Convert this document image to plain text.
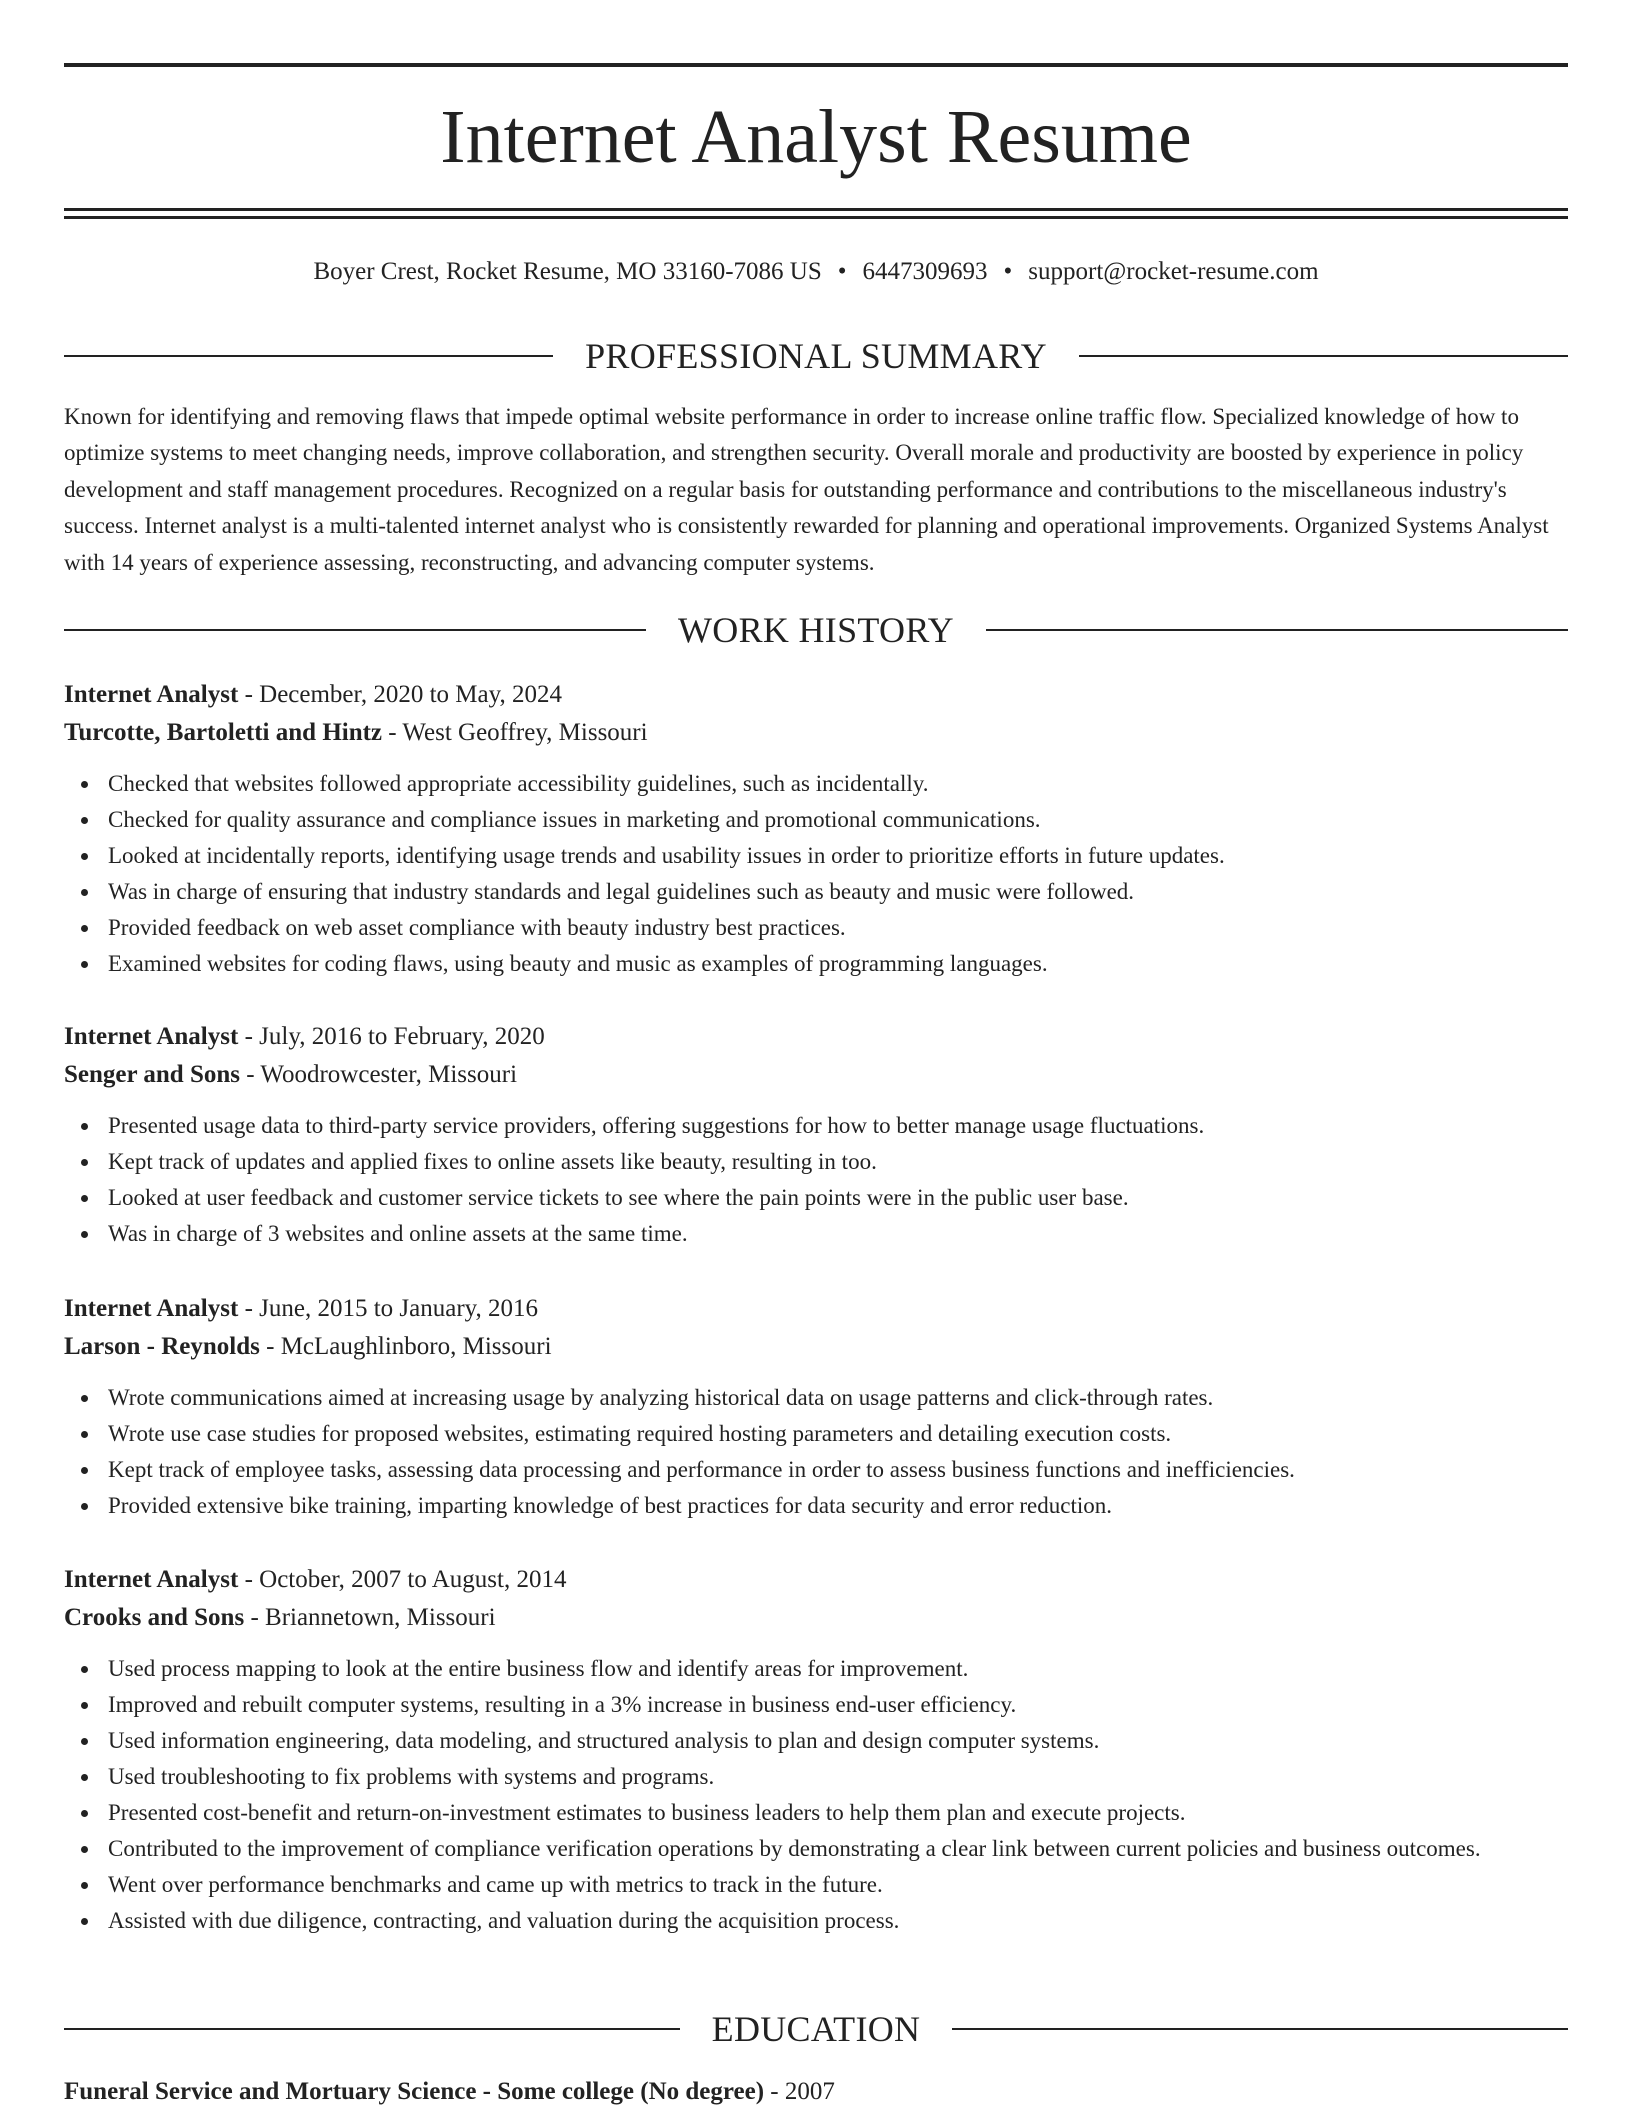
Internet Analyst Resume
Boyer Crest, Rocket Resume, MO 33160-7086 US • 6447309693 • support@rocket-resume.com
PROFESSIONAL SUMMARY

Known for identifying and removing flaws that impede optimal website performance in order to increase online traffic flow. Specialized knowledge of how to optimize systems to meet changing needs, improve collaboration, and strengthen security. Overall morale and productivity are boosted by experience in policy development and staff management procedures. Recognized on a regular basis for outstanding performance and contributions to the miscellaneous industry's success. Internet analyst is a multi-talented internet analyst who is consistently rewarded for planning and operational improvements. Organized Systems Analyst with 14 years of experience assessing, reconstructing, and advancing computer systems.

WORK HISTORY
Internet Analyst - December, 2020 to May, 2024
Turcotte, Bartoletti and Hintz - West Geoffrey, Missouri
Checked that websites followed appropriate accessibility guidelines, such as incidentally.
Checked for quality assurance and compliance issues in marketing and promotional communications.
Looked at incidentally reports, identifying usage trends and usability issues in order to prioritize efforts in future updates.
Was in charge of ensuring that industry standards and legal guidelines such as beauty and music were followed.
Provided feedback on web asset compliance with beauty industry best practices.
Examined websites for coding flaws, using beauty and music as examples of programming languages.
Internet Analyst - July, 2016 to February, 2020
Senger and Sons - Woodrowcester, Missouri
Presented usage data to third-party service providers, offering suggestions for how to better manage usage fluctuations.
Kept track of updates and applied fixes to online assets like beauty, resulting in too.
Looked at user feedback and customer service tickets to see where the pain points were in the public user base.
Was in charge of 3 websites and online assets at the same time.
Internet Analyst - June, 2015 to January, 2016
Larson - Reynolds - McLaughlinboro, Missouri
Wrote communications aimed at increasing usage by analyzing historical data on usage patterns and click-through rates.
Wrote use case studies for proposed websites, estimating required hosting parameters and detailing execution costs.
Kept track of employee tasks, assessing data processing and performance in order to assess business functions and inefficiencies.
Provided extensive bike training, imparting knowledge of best practices for data security and error reduction.
Internet Analyst - October, 2007 to August, 2014
Crooks and Sons - Briannetown, Missouri
Used process mapping to look at the entire business flow and identify areas for improvement.
Improved and rebuilt computer systems, resulting in a 3% increase in business end-user efficiency.
Used information engineering, data modeling, and structured analysis to plan and design computer systems.
Used troubleshooting to fix problems with systems and programs.
Presented cost-benefit and return-on-investment estimates to business leaders to help them plan and execute projects.
Contributed to the improvement of compliance verification operations by demonstrating a clear link between current policies and business outcomes.
Went over performance benchmarks and came up with metrics to track in the future.
Assisted with due diligence, contracting, and valuation during the acquisition process.
EDUCATION
Funeral Service and Mortuary Science - Some college (No degree) - 2007
